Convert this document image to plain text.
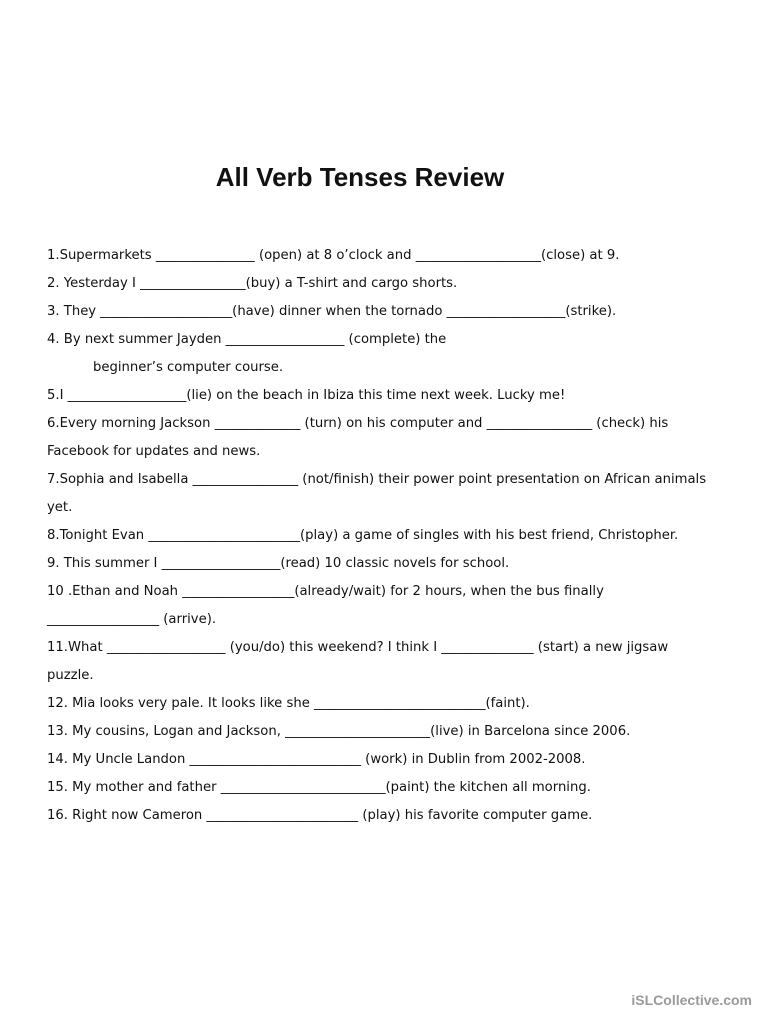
All Verb Tenses Review
1.Supermarkets _______________ (open) at 8 o’clock and ___________________(close) at 9.
2. Yesterday I ________________(buy) a T-shirt and cargo shorts.
3. They ____________________(have) dinner when the tornado __________________(strike).
4. By next summer Jayden __________________ (complete) the
beginner’s computer course.
5.I __________________(lie) on the beach in Ibiza this time next week. Lucky me!
6.Every morning Jackson _____________ (turn) on his computer and ________________ (check) his
Facebook for updates and news.
7.Sophia and Isabella ________________ (not/finish) their power point presentation on African animals
yet.
8.Tonight Evan _______________________(play) a game of singles with his best friend, Christopher.
9. This summer I __________________(read) 10 classic novels for school.
10 .Ethan and Noah _________________(already/wait) for 2 hours, when the bus finally
_________________ (arrive).
11.What __________________ (you/do) this weekend? I think I ______________ (start) a new jigsaw
puzzle.
12. Mia looks very pale. It looks like she __________________________(faint).
13. My cousins, Logan and Jackson, ______________________(live) in Barcelona since 2006.
14. My Uncle Landon __________________________ (work) in Dublin from 2002-2008.
15. My mother and father _________________________(paint) the kitchen all morning.
16. Right now Cameron _______________________ (play) his favorite computer game.
iSLCollective.com
